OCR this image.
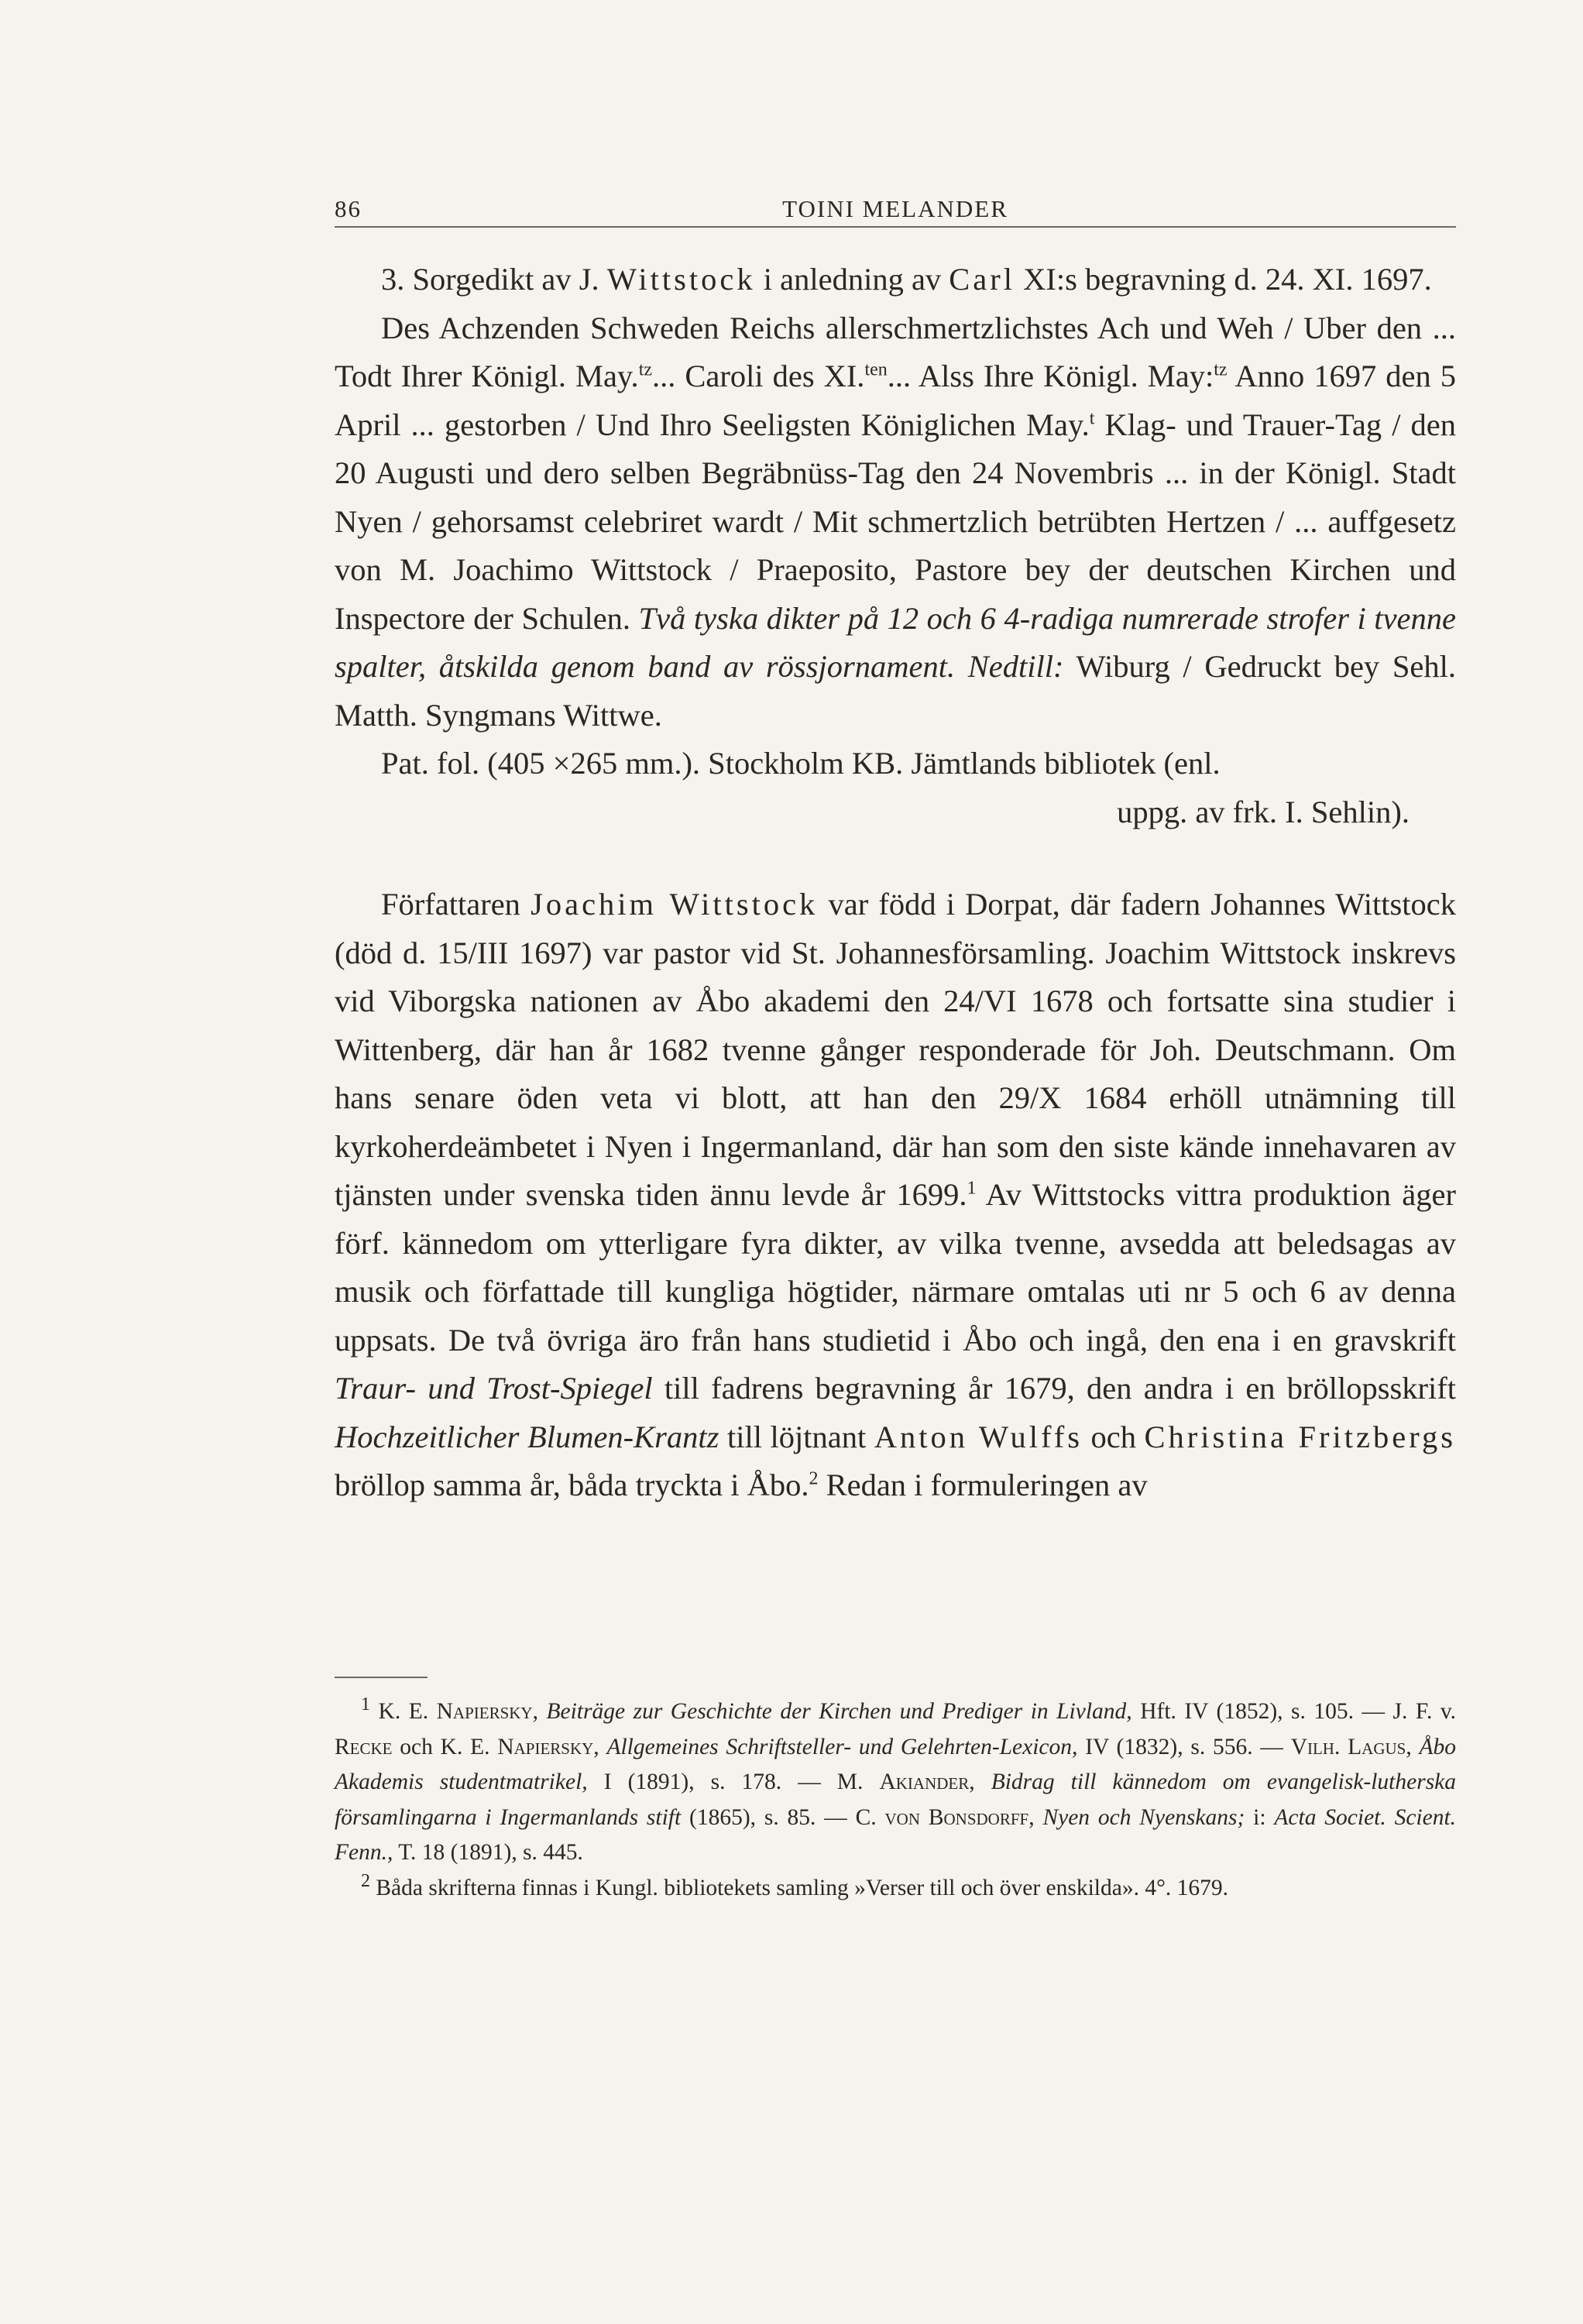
86	TOINI MELANDER

3. Sorgedikt av J. Wittstock i anledning av Carl XI:s begravning d. 24. XI. 1697.

Des Achzenden Schweden Reichs allerschmertzlichstes Ach und Weh / Uber den ... Todt Ihrer Königl. May.$^{tz}$... Caroli des XI.$^{ten}$... Alss Ihre Königl. May:$^{tz}$ Anno 1697 den 5 April ... gestorben / Und Ihro Seeligsten Königlichen May.$^t$ Klag- und Trauer-Tag / den 20 Augusti und dero selben Begräbnüss-Tag den 24 Novembris ... in der Königl. Stadt Nyen / gehorsamst celebriret wardt / Mit schmertzlich betrübten Hertzen / ... auffgesetz von M. Joachimo Wittstock / Praeposito, Pastore bey der deutschen Kirchen und Inspectore der Schulen. Två tyska dikter på 12 och 6 4-radiga numrerade strofer i tvenne spalter, åtskilda genom band av rössjornament. Nedtill: Wiburg / Gedruckt bey Sehl. Matth. Syngmans Wittwe.

Pat. fol. (405 ×265 mm.). Stockholm KB. Jämtlands bibliotek (enl.

uppg. av frk. I. Sehlin).

Författaren Joachim Wittstock var född i Dorpat, där fadern Johannes Wittstock (död d. 15/III 1697) var pastor vid St. Johannesförsamling. Joachim Wittstock inskrevs vid Viborgska nationen av Åbo akademi den 24/VI 1678 och fortsatte sina studier i Wittenberg, där han år 1682 tvenne gånger responderade för Joh. Deutschmann. Om hans senare öden veta vi blott, att han den 29/X 1684 erhöll utnämning till kyrkoherdeämbetet i Nyen i Ingermanland, där han som den siste kände innehavaren av tjänsten under svenska tiden ännu levde år 1699.$^1$ Av Wittstocks vittra produktion äger förf. kännedom om ytterligare fyra dikter, av vilka tvenne, avsedda att beledsagas av musik och författade till kungliga högtider, närmare omtalas uti nr 5 och 6 av denna uppsats. De två övriga äro från hans studietid i Åbo och ingå, den ena i en gravskrift Traur- und Trost-Spiegel till fadrens begravning år 1679, den andra i en bröllopsskrift Hochzeitlicher Blumen-Krantz till löjtnant Anton Wulffs och Christina Fritzbergs bröllop samma år, båda tryckta i Åbo.$^2$ Redan i formuleringen av

$^1$ K. E. Napiersky, Beiträge zur Geschichte der Kirchen und Prediger in Livland, Hft. IV (1852), s. 105. — J. F. v. Recke och K. E. Napiersky, Allgemeines Schriftsteller- und Gelehrten-Lexicon, IV (1832), s. 556. — Vilh. Lagus, Åbo Akademis studentmatrikel, I (1891), s. 178. — M. Akiander, Bidrag till kännedom om evangelisk-lutherska församlingarna i Ingermanlands stift (1865), s. 85. — C. von Bonsdorff, Nyen och Nyenskans; i: Acta Societ. Scient. Fenn., T. 18 (1891), s. 445.

$^2$ Båda skrifterna finnas i Kungl. bibliotekets samling »Verser till och över enskilda». 4°. 1679.
